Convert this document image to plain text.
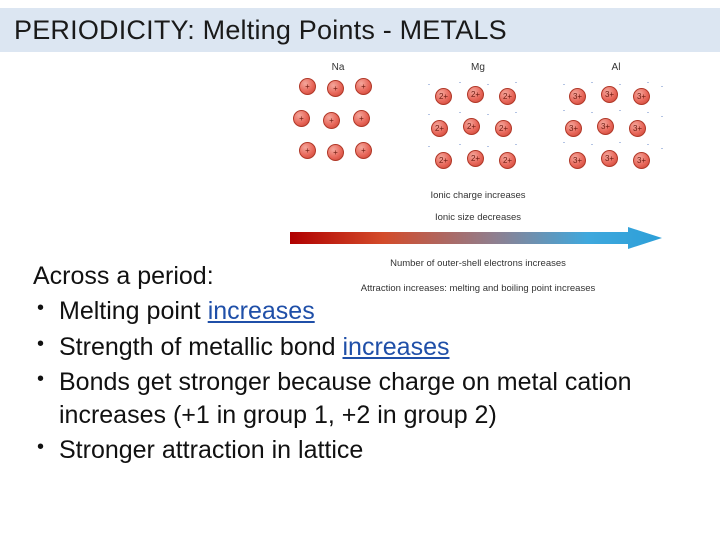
PERIODICITY: Melting Points - METALS
Na
+	+	+
+	+	+
+	+	+
Mg
-	-	-	-
2+	2+	2+
-	-	-	-
2+	2+	2+
-	-	-	-
2+	2+	2+
Al
-	-	-	-
-
3+	3+	3+
-	-	-	-
-
3+	3+	3+
-	-	-	-
-
3+	3+	3+
Ionic charge increases
Ionic size decreases
Number of outer-shell electrons increases
Attraction increases: melting and boiling point increases
Across a period:
• Melting point increases
• Strength of metallic bond increases
• Bonds get stronger because charge on metal cation increases (+1 in group 1, +2 in group 2)
• Stronger attraction in lattice
